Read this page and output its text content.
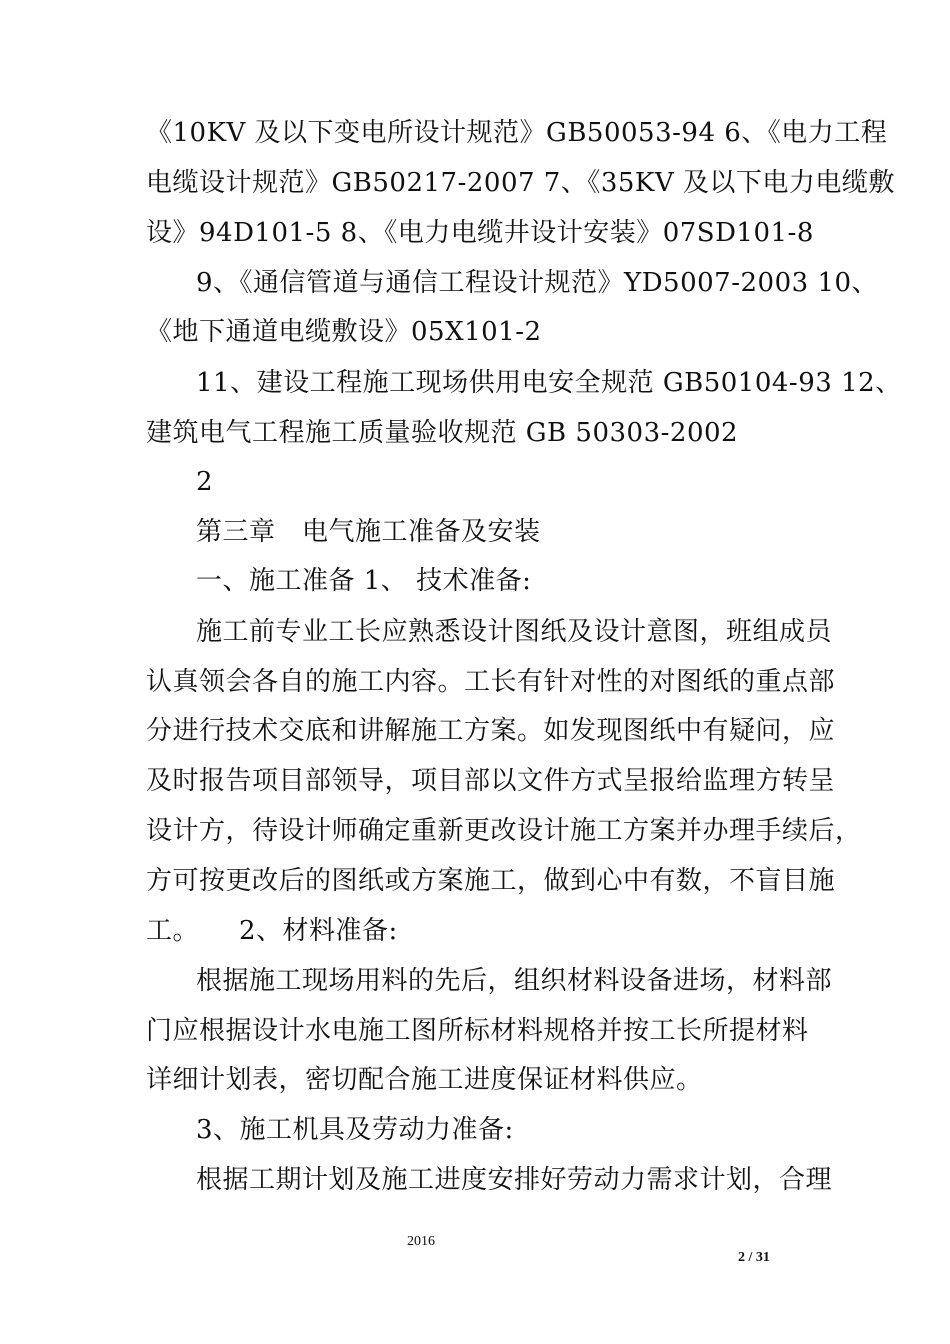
《10KV 及以下变电所设计规范》GB50053-94 6、《电力工程
电缆设计规范》GB50217-2007 7、《35KV 及以下电力电缆敷
设》94D101-5 8、《电力电缆井设计安装》07SD101-8
9、《通信管道与通信工程设计规范》YD5007-2003 10、
《地下通道电缆敷设》05X101-2
11、建设工程施工现场供用电安全规范 GB50104-93 12、
建筑电气工程施工质量验收规范 GB 50303-2002
2
第三章　电气施工准备及安装
一、施工准备 1、 技术准备:
施工前专业工长应熟悉设计图纸及设计意图，班组成员
认真领会各自的施工内容。工长有针对性的对图纸的重点部
分进行技术交底和讲解施工方案。如发现图纸中有疑问，应
及时报告项目部领导，项目部以文件方式呈报给监理方转呈
设计方，待设计师确定重新更改设计施工方案并办理手续后，
方可按更改后的图纸或方案施工，做到心中有数，不盲目施
工。　　2、材料准备:
根据施工现场用料的先后，组织材料设备进场，材料部
门应根据设计水电施工图所标材料规格并按工长所提材料
详细计划表，密切配合施工进度保证材料供应。
3、施工机具及劳动力准备:
根据工期计划及施工进度安排好劳动力需求计划，合理
2016
2 / 31
